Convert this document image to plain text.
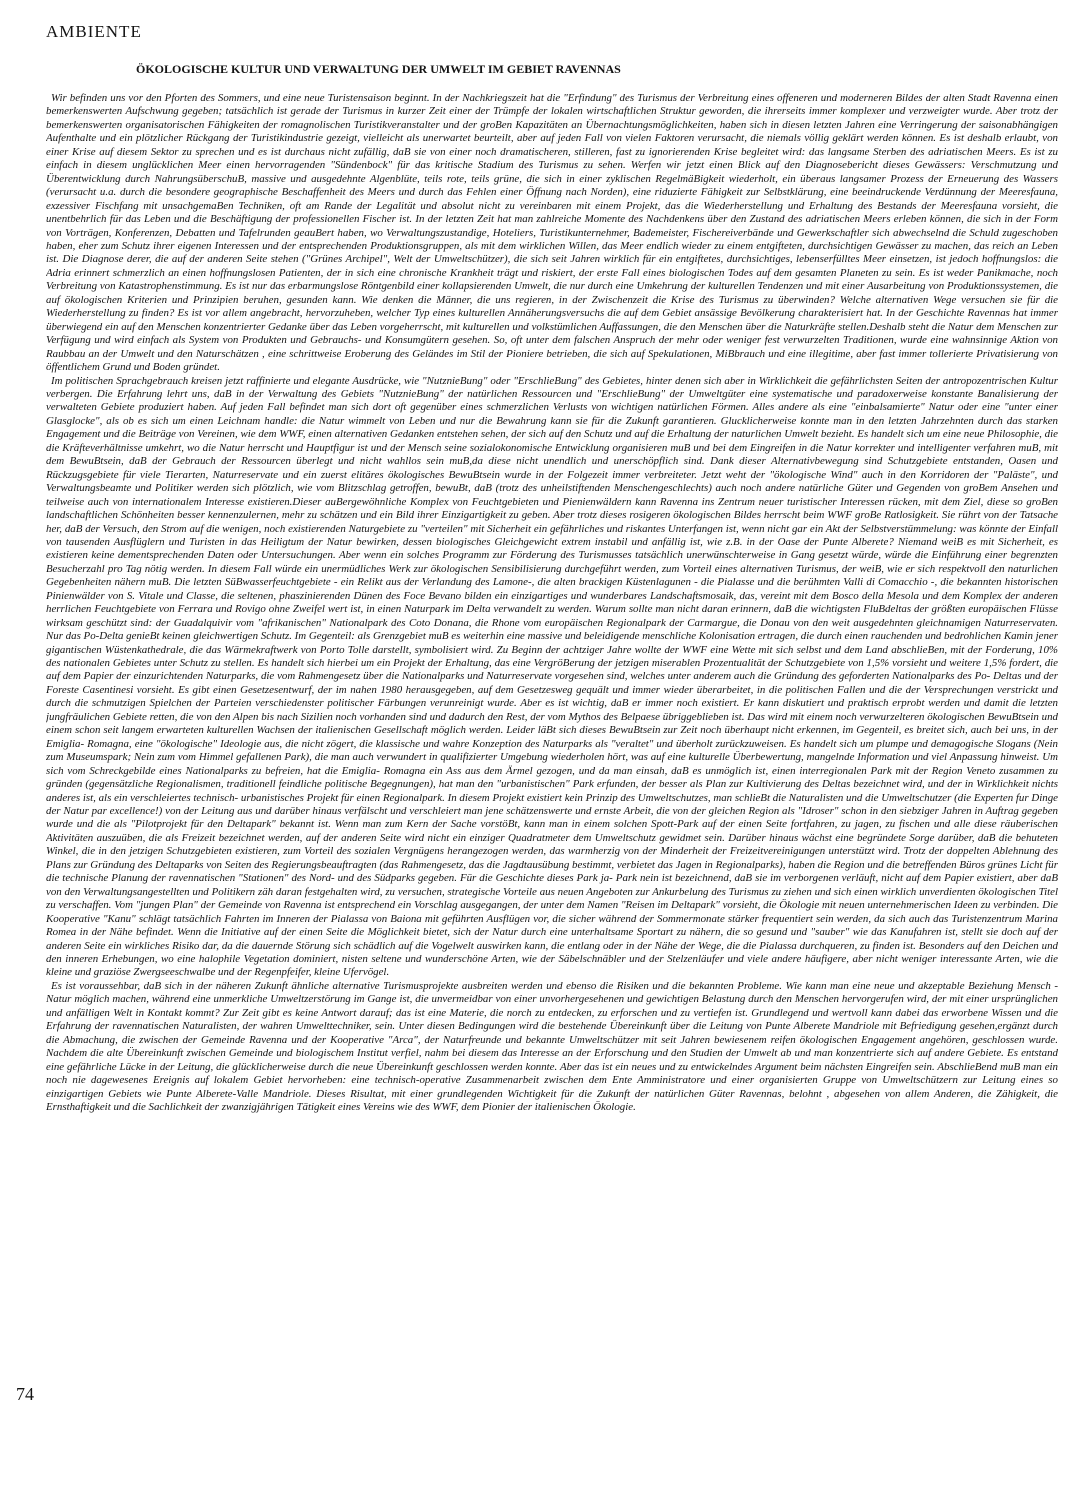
AMBIENTE
ÖKOLOGISCHE KULTUR UND VERWALTUNG DER UMWELT IM GEBIET RAVENNAS

Wir befinden uns vor den Pforten des Sommers, und eine neue Turistensaison beginnt. In der Nachkriegszeit hat die "Erfindung" des Turismus der Verbreitung eines offeneren und moderneren Bildes der alten Stadt Ravenna einen bemerkenswerten Aufschwung gegeben; tatsächlich ist gerade der Turismus in kurzer Zeit einer der Trümpfe der lokalen wirtschaftlichen Struktur geworden, die ihrerseits immer komplexer und verzweigter wurde. Aber trotz der bemerkenswerten organisatorischen Fähigkeiten der romagnolischen Turistikveranstalter und der groBen Kapazitäten an Übernachtungsmöglichkeiten, haben sich in diesen letzten Jahren eine Verringerung der saisonabhängigen Aufenthalte und ein plötzlicher Rückgang der Turistikindustrie gezeigt, vielleicht als unerwartet beurteilt, aber auf jeden Fall von vielen Faktoren verursacht, die niemals völlig geklärt werden können. Es ist deshalb erlaubt, von einer Krise auf diesem Sektor zu sprechen und es ist durchaus nicht zufällig, daB sie von einer noch dramatischeren, stilleren, fast zu ignorierenden Krise begleitet wird: das langsame Sterben des adriatischen Meers. Es ist zu einfach in diesem unglücklichen Meer einen hervorragenden "Sündenbock" für das kritische Stadium des Turismus zu sehen. Werfen wir jetzt einen Blick auf den Diagnosebericht dieses Gewässers: Verschmutzung und Überentwicklung durch NahrungsüberschuB, massive und ausgedehnte Algenblüte, teils rote, teils grüne, die sich in einer zyklischen RegelmäBigkeit wiederholt, ein überaus langsamer Prozess der Erneuerung des Wassers (verursacht u.a. durch die besondere geographische Beschaffenheit des Meers und durch das Fehlen einer Öffnung nach Norden), eine riduzierte Fähigkeit zur Selbstklärung, eine beeindruckende Verdünnung der Meeresfauna, exzessiver Fischfang mit unsachgemaBen Techniken, oft am Rande der Legalität und absolut nicht zu vereinbaren mit einem Projekt, das die Wiederherstellung und Erhaltung des Bestands der Meeresfauna vorsieht, die unentbehrlich für das Leben und die Beschäftigung der professionellen Fischer ist. In der letzten Zeit hat man zahlreiche Momente des Nachdenkens über den Zustand des adriatischen Meers erleben können, die sich in der Form von Vorträgen, Konferenzen, Debatten und Tafelrunden geauBert haben, wo Verwaltungszustandige, Hoteliers, Turistikunternehmer, Bademeister, Fischereiverbände und Gewerkschaftler sich abwechselnd die Schuld zugeschoben haben, eher zum Schutz ihrer eigenen Interessen und der entsprechenden Produktionsgruppen, als mit dem wirklichen Willen, das Meer endlich wieder zu einem entgifteten, durchsichtigen Gewässer zu machen, das reich an Leben ist. Die Diagnose derer, die auf der anderen Seite stehen ("Grünes Archipel", Welt der Umweltschützer), die sich seit Jahren wirklich für ein entgiftetes, durchsichtiges, lebenserfülltes Meer einsetzen, ist jedoch hoffnungslos: die Adria erinnert schmerzlich an einen hoffnungslosen Patienten, der in sich eine chronische Krankheit trägt und riskiert, der erste Fall eines biologischen Todes auf dem gesamten Planeten zu sein. Es ist weder Panikmache, noch Verbreitung von Katastrophenstimmung. Es ist nur das erbarmungslose Röntgenbild einer kollapsierenden Umwelt, die nur durch eine Umkehrung der kulturellen Tendenzen und mit einer Ausarbeitung von Produktionssystemen, die auf ökologischen Kriterien und Prinzipien beruhen, gesunden kann. Wie denken die Männer, die uns regieren, in der Zwischenzeit die Krise des Turismus zu überwinden? Welche alternativen Wege versuchen sie für die Wiederherstellung zu finden? Es ist vor allem angebracht, hervorzuheben, welcher Typ eines kulturellen Annäherungsversuchs die auf dem Gebiet ansässige Bevölkerung charakterisiert hat. In der Geschichte Ravennas hat immer überwiegend ein auf den Menschen konzentrierter Gedanke über das Leben vorgeherrscht, mit kulturellen und volkstümlichen Auffassungen, die den Menschen über die Naturkräfte stellen.Deshalb steht die Natur dem Menschen zur Verfügung und wird einfach als System von Produkten und Gebrauchs- und Konsumgütern gesehen. So, oft unter dem falschen Anspruch der mehr oder weniger fest verwurzelten Traditionen, wurde eine wahnsinnige Aktion von Raubbau an der Umwelt und den Naturschätzen , eine schrittweise Eroberung des Geländes im Stil der Pioniere betrieben, die sich auf Spekulationen, MiBbrauch und eine illegitime, aber fast immer tollerierte Privatisierung von öffentlichem Grund und Boden gründet.

Im politischen Sprachgebrauch kreisen jetzt raffinierte und elegante Ausdrücke, wie "NutznieBung" oder "ErschlieBung" des Gebietes, hinter denen sich aber in Wirklichkeit die gefährlichsten Seiten der antropozentrischen Kultur verbergen. Die Erfahrung lehrt uns, daB in der Verwaltung des Gebiets "NutznieBung" der natürlichen Ressourcen und "ErschlieBung" der Umweltgüter eine systematische und paradoxerweise konstante Banalisierung der verwalteten Gebiete produziert haben. Auf jeden Fall befindet man sich dort oft gegenüber eines schmerzlichen Verlusts von wichtigen natürlichen Förmen. Alles andere als eine "einbalsamierte" Natur oder eine "unter einer Glasglocke", als ob es sich um einen Leichnam handle: die Natur wimmelt von Leben und nur die Bewahrung kann sie für die Zukunft garantieren. Glucklicherweise konnte man in den letzten Jahrzehnten durch das starken Engagement und die Beiträge von Vereinen, wie dem WWF, einen alternativen Gedanken entstehen sehen, der sich auf den Schutz und auf die Erhaltung der naturlichen Umwelt bezieht. Es handelt sich um eine neue Philosophie, die die Kräfteverhältnisse umkehrt, wo die Natur herrscht und Hauptfigur ist und der Mensch seine sozialokonomische Entwicklung organisieren muB und bei dem Eingreifen in die Natur korrekter und intelligenter verfahren muB, mit dem BewuBtsein, daB der Gebrauch der Ressourcen überlegt und nicht wahllos sein muB,da diese nicht unendlich und unerschöpflich sind. Dank dieser Alternativbewegung sind Schutzgebiete entstanden, Oasen und Rückzugsgebiete für viele Tierarten, Naturreservate und ein zuerst elitäres ökologisches BewuBtsein wurde in der Folgezeit immer verbreiteter. Jetzt weht der "ökologische Wind" auch in den Korridoren der "Paläste", und Verwaltungsbeamte und Politiker werden sich plötzlich, wie vom Blitzschlag getroffen, bewuBt, daB (trotz des unheilstiftenden Menschengeschlechts) auch noch andere natürliche Güter und Gegenden von groBem Ansehen und teilweise auch von internationalem Interesse existieren.Dieser auBergewöhnliche Komplex von Feuchtgebieten und Pienienwäldern kann Ravenna ins Zentrum neuer turistischer Interessen rücken, mit dem Ziel, diese so groBen landschaftlichen Schönheiten besser kennenzulernen, mehr zu schätzen und ein Bild ihrer Einzigartigkeit zu geben. Aber trotz dieses rosigeren ökologischen Bildes herrscht beim WWF groBe Ratlosigkeit. Sie rührt von der Tatsache her, daB der Versuch, den Strom auf die wenigen, noch existierenden Naturgebiete zu "verteilen" mit Sicherheit ein gefährliches und riskantes Unterfangen ist, wenn nicht gar ein Akt der Selbstverstümmelung: was könnte der Einfall von tausenden Ausflüglern und Turisten in das Heiligtum der Natur bewirken, dessen biologisches Gleichgewicht extrem instabil und anfällig ist, wie z.B. in der Oase der Punte Alberete? Niemand weiB es mit Sicherheit, es existieren keine dementsprechenden Daten oder Untersuchungen. Aber wenn ein solches Programm zur Förderung des Turismusses tatsächlich unerwünschterweise in Gang gesetzt würde, würde die Einführung einer begrenzten Besucherzahl pro Tag nötig werden. In diesem Fall würde ein unermüdliches Werk zur ökologischen Sensibilisierung durchgeführt werden, zum Vorteil eines alternativen Turismus, der weiB, wie er sich respektvoll den naturlichen Gegebenheiten nähern muB. Die letzten SüBwasserfeuchtgebiete - ein Relikt aus der Verlandung des Lamone-, die alten brackigen Küstenlagunen - die Pialasse und die berühmten Valli di Comacchio -, die bekannten historischen Pinienwälder von S. Vitale und Classe, die seltenen, phaszinierenden Dünen des Foce Bevano bilden ein einzigartiges und wunderbares Landschaftsmosaik, das, vereint mit dem Bosco della Mesola und dem Komplex der anderen herrlichen Feuchtgebiete von Ferrara und Rovigo ohne Zweifel wert ist, in einen Naturpark im Delta verwandelt zu werden. Warum sollte man nicht daran erinnern, daB die wichtigsten FluBdeltas der größten europäischen Flüsse wirksam geschützt sind: der Guadalquivir vom "afrikanischen" Nationalpark des Coto Donana, die Rhone vom europäischen Regionalpark der Carmargue, die Donau von den weit ausgedehnten gleichnamigen Naturreservaten. Nur das Po-Delta genieBt keinen gleichwertigen Schutz. Im Gegenteil: als Grenzgebiet muB es weiterhin eine massive und beleidigende menschliche Kolonisation ertragen, die durch einen rauchenden und bedrohlichen Kamin jener gigantischen Wüstenkathedrale, die das Wärmekraftwerk von Porto Tolle darstellt, symbolisiert wird. Zu Beginn der achtziger Jahre wollte der WWF eine Wette mit sich selbst und dem Land abschlieBen, mit der Forderung, 10% des nationalen Gebietes unter Schutz zu stellen. Es handelt sich hierbei um ein Projekt der Erhaltung, das eine VergröBerung der jetzigen miserablen Prozentualität der Schutzgebiete von 1,5% vorsieht und weitere 1,5% fordert, die auf dem Papier der einzurichtenden Naturparks, die vom Rahmengesetz über die Nationalparks und Naturreservate vorgesehen sind, welches unter anderem auch die Gründung des geforderten Nationalparks des Po- Deltas und der Foreste Casentinesi vorsieht. Es gibt einen Gesetzesentwurf, der im nahen 1980 herausgegeben, auf dem Gesetzesweg gequält und immer wieder überarbeitet, in die politischen Fallen und die der Versprechungen verstrickt und durch die schmutzigen Spielchen der Parteien verschiedenster politischer Färbungen verunreinigt wurde. Aber es ist wichtig, daB er immer noch existiert. Er kann diskutiert und praktisch erprobt werden und damit die letzten jungfräulichen Gebiete retten, die von den Alpen bis nach Sizilien noch vorhanden sind und dadurch den Rest, der vom Mythos des Belpaese übriggeblieben ist. Das wird mit einem noch verwurzelteren ökologischen BewuBtsein und einem schon seit langem erwarteten kulturellen Wachsen der italienischen Gesellschaft möglich werden. Leider läBt sich dieses BewuBtsein zur Zeit noch überhaupt nicht erkennen, im Gegenteil, es breitet sich, auch bei uns, in der Emiglia- Romagna, eine "ökologische" Ideologie aus, die nicht zögert, die klassische und wahre Konzeption des Naturparks als "veraltet" und überholt zurückzuweisen. Es handelt sich um plumpe und demagogische Slogans (Nein zum Museumspark; Nein zum vom Himmel gefallenen Park), die man auch verwundert in qualifizierter Umgebung wiederholen hört, was auf eine kulturelle Überbewertung, mangelnde Information und viel Anpassung hinweist. Um sich vom Schreckgebilde eines Nationalparks zu befreien, hat die Emiglia- Romagna ein Ass aus dem Ärmel gezogen, und da man einsah, daB es unmöglich ist, einen interregionalen Park mit der Region Veneto zusammen zu gründen (gegensätzliche Regionalismen, traditionell feindliche politische Begegnungen), hat man den "urbanistischen" Park erfunden, der besser als Plan zur Kultivierung des Deltas bezeichnet wird, und der in Wirklichkeit nichts anderes ist, als ein verschleiertes technisch- urbanistisches Projekt für einen Regionalpark. In diesem Projekt existiert kein Prinzip des Umweltschutzes, man schlieBt die Naturalisten und die Umweltschutzer (die Experten fur Dinge der Natur par excellence!) von der Leitung aus und darüber hinaus verfälscht und verschleiert man jene schätzenswerte und ernste Arbeit, die von der gleichen Region als "Idroser" schon in den siebziger Jahren in Auftrag gegeben wurde und die als "Pilotprojekt für den Deltapark" bekannt ist. Wenn man zum Kern der Sache vorstöBt, kann man in einem solchen Spott-Park auf der einen Seite fortfahren, zu jagen, zu fischen und alle diese räuberischen Aktivitäten auszuüben, die als Freizeit bezeichnet werden, auf der anderen Seite wird nicht ein einziger Quadratmeter dem Umweltschutz gewidmet sein. Darüber hinaus wächst eine begründete Sorge darüber, daB die behuteten Winkel, die in den jetzigen Schutzgebieten existieren, zum Vorteil des sozialen Vergnügens herangezogen werden, das warmherzig von der Minderheit der Freizeitvereinigungen unterstützt wird. Trotz der doppelten Ablehnung des Plans zur Gründung des Deltaparks von Seiten des Regierungsbeauftragten (das Rahmengesetz, das die Jagdtausübung bestimmt, verbietet das Jagen in Regionalparks), haben die Region und die betreffenden Büros grünes Licht für die technische Planung der ravennatischen "Stationen" des Nord- und des Südparks gegeben. Für die Geschichte dieses Park ja- Park nein ist bezeichnend, daB sie im verborgenen verläuft, nicht auf dem Papier existiert, aber daB von den Verwaltungsangestellten und Politikern zäh daran festgehalten wird, zu versuchen, strategische Vorteile aus neuen Angeboten zur Ankurbelung des Turismus zu ziehen und sich einen wirklich unverdienten ökologischen Titel zu verschaffen. Vom "jungen Plan" der Gemeinde von Ravenna ist entsprechend ein Vorschlag ausgegangen, der unter dem Namen "Reisen im Deltapark" vorsieht, die Ökologie mit neuen unternehmerischen Ideen zu verbinden. Die Kooperative "Kanu" schlägt tatsächlich Fahrten im Inneren der Pialassa von Baiona mit geführten Ausflügen vor, die sicher während der Sommermonate stärker frequentiert sein werden, da sich auch das Turistenzentrum Marina Romea in der Nähe befindet. Wenn die Initiative auf der einen Seite die Möglichkeit bietet, sich der Natur durch eine unterhaltsame Sportart zu nähern, die so gesund und "sauber" wie das Kanufahren ist, stellt sie doch auf der anderen Seite ein wirkliches Risiko dar, da die dauernde Störung sich schädlich auf die Vogelwelt auswirken kann, die entlang oder in der Nähe der Wege, die die Pialassa durchqueren, zu finden ist. Besonders auf den Deichen und den inneren Erhebungen, wo eine halophile Vegetation dominiert, nisten seltene und wunderschöne Arten, wie der Säbelschnäbler und der Stelzenläufer und viele andere häufigere, aber nicht weniger interessante Arten, wie die kleine und graziöse Zwergseeschwalbe und der Regenpfeifer, kleine Ufervögel.

Es ist voraussehbar, daB sich in der näheren Zukunft ähnliche alternative Turismusprojekte ausbreiten werden und ebenso die Risiken und die bekannten Probleme. Wie kann man eine neue und akzeptable Beziehung Mensch - Natur möglich machen, während eine unmerkliche Umweltzerstörung im Gange ist, die unvermeidbar von einer unvorhergesehenen und gewichtigen Belastung durch den Menschen hervorgerufen wird, der mit einer ursprünglichen und anfälligen Welt in Kontakt kommt? Zur Zeit gibt es keine Antwort darauf; das ist eine Materie, die norch zu entdecken, zu erforschen und zu vertiefen ist. Grundlegend und wertvoll kann dabei das erworbene Wissen und die Erfahrung der ravennatischen Naturalisten, der wahren Umwelttechniker, sein. Unter diesen Bedingungen wird die bestehende Übereinkunft über die Leitung von Punte Alberete Mandriole mit Befriedigung gesehen,ergänzt durch die Abmachung, die zwischen der Gemeinde Ravenna und der Kooperative "Arca", der Naturfreunde und bekannte Umweltschützer mit seit Jahren bewiesenem reifen ökologischen Engagement angehören, geschlossen wurde. Nachdem die alte Übereinkunft zwischen Gemeinde und biologischem Institut verfiel, nahm bei diesem das Interesse an der Erforschung und den Studien der Umwelt ab und man konzentrierte sich auf andere Gebiete. Es entstand eine gefährliche Lücke in der Leitung, die glücklicherweise durch die neue Übereinkunft geschlossen werden konnte. Aber das ist ein neues und zu entwickelndes Argument beim nächsten Eingreifen sein. AbschlieBend muB man ein noch nie dagewesenes Ereignis auf lokalem Gebiet hervorheben: eine technisch-operative Zusammenarbeit zwischen dem Ente Amministratore und einer organisierten Gruppe von Umweltschützern zur Leitung eines so einzigartigen Gebiets wie Punte Alberete-Valle Mandriole. Dieses Risultat, mit einer grundlegenden Wichtigkeit für die Zukunft der natürlichen Güter Ravennas, belohnt , abgesehen von allem Anderen, die Zähigkeit, die Ernsthaftigkeit und die Sachlichkeit der zwanzigjährigen Tätigkeit eines Vereins wie des WWF, dem Pionier der italienischen Ökologie.

74
